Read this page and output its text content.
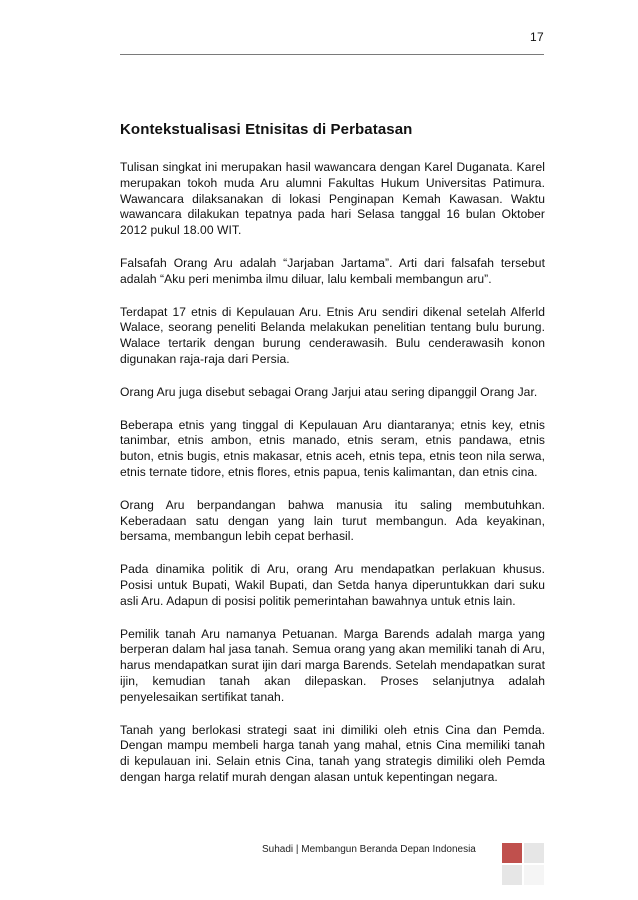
17
Kontekstualisasi Etnisitas di Perbatasan

Tulisan singkat ini merupakan hasil wawancara dengan Karel Duganata. Karel merupakan tokoh muda Aru alumni Fakultas Hukum Universitas Patimura. Wawancara dilaksanakan di lokasi Penginapan Kemah Kawasan. Waktu wawancara dilakukan tepatnya pada hari Selasa tanggal 16 bulan Oktober 2012 pukul 18.00 WIT.

Falsafah Orang Aru adalah “Jarjaban Jartama”. Arti dari falsafah tersebut adalah “Aku peri menimba ilmu diluar, lalu kembali membangun aru”.

Terdapat 17 etnis di Kepulauan Aru. Etnis Aru sendiri dikenal setelah Alferld Walace, seorang peneliti Belanda melakukan penelitian tentang bulu burung. Walace tertarik dengan burung cenderawasih. Bulu cenderawasih konon digunakan raja-raja dari Persia.

Orang Aru juga disebut sebagai Orang Jarjui atau sering dipanggil Orang Jar.

Beberapa etnis yang tinggal di Kepulauan Aru diantaranya; etnis key, etnis tanimbar, etnis ambon, etnis manado, etnis seram, etnis pandawa, etnis buton, etnis bugis, etnis makasar, etnis aceh, etnis tepa, etnis teon nila serwa, etnis ternate tidore, etnis flores, etnis papua, tenis kalimantan, dan etnis cina.

Orang Aru berpandangan bahwa manusia itu saling membutuhkan. Keberadaan satu dengan yang lain turut membangun. Ada keyakinan, bersama, membangun lebih cepat berhasil.

Pada dinamika politik di Aru, orang Aru mendapatkan perlakuan khusus. Posisi untuk Bupati, Wakil Bupati, dan Setda hanya diperuntukkan dari suku asli Aru. Adapun di posisi politik pemerintahan bawahnya untuk etnis lain.

Pemilik tanah Aru namanya Petuanan. Marga Barends adalah marga yang berperan dalam hal jasa tanah. Semua orang yang akan memiliki tanah di Aru, harus mendapatkan surat ijin dari marga Barends. Setelah mendapatkan surat ijin, kemudian tanah akan dilepaskan. Proses selanjutnya adalah penyelesaikan sertifikat tanah.

Tanah yang berlokasi strategi saat ini dimiliki oleh etnis Cina dan Pemda. Dengan mampu membeli harga tanah yang mahal, etnis Cina memiliki tanah di kepulauan ini. Selain etnis Cina, tanah yang strategis dimiliki oleh Pemda dengan harga relatif murah dengan alasan untuk kepentingan negara.

Suhadi | Membangun Beranda Depan Indonesia
